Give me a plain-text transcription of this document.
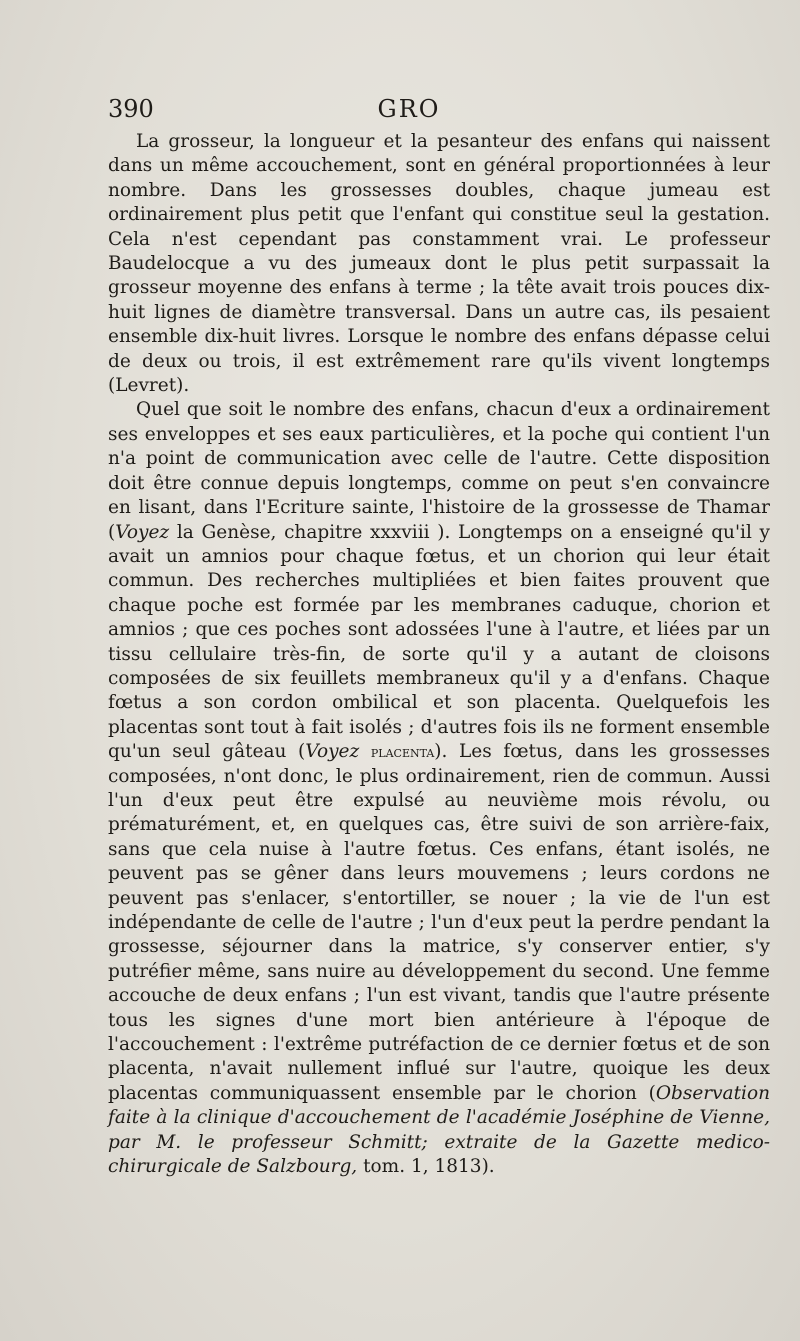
390	GRO

La grosseur, la longueur et la pesanteur des enfans qui naissent dans un même accouchement, sont en général proportionnées à leur nombre. Dans les grossesses doubles, chaque jumeau est ordinairement plus petit que l'enfant qui constitue seul la gestation. Cela n'est cependant pas constamment vrai. Le professeur Baudelocque a vu des jumeaux dont le plus petit surpassait la grosseur moyenne des enfans à terme ; la tête avait trois pouces dix-huit lignes de diamètre transversal. Dans un autre cas, ils pesaient ensemble dix-huit livres. Lorsque le nombre des enfans dépasse celui de deux ou trois, il est extrêmement rare qu'ils vivent longtemps (Levret).

Quel que soit le nombre des enfans, chacun d'eux a ordinairement ses enveloppes et ses eaux particulières, et la poche qui contient l'un n'a point de communication avec celle de l'autre. Cette disposition doit être connue depuis longtemps, comme on peut s'en convaincre en lisant, dans l'Ecriture sainte, l'histoire de la grossesse de Thamar (Voyez la Genèse, chapitre xxxviii ). Longtemps on a enseigné qu'il y avait un amnios pour chaque fœtus, et un chorion qui leur était commun. Des recherches multipliées et bien faites prouvent que chaque poche est formée par les membranes caduque, chorion et amnios ; que ces poches sont adossées l'une à l'autre, et liées par un tissu cellulaire très-fin, de sorte qu'il y a autant de cloisons composées de six feuillets membraneux qu'il y a d'enfans. Chaque fœtus a son cordon ombilical et son placenta. Quelquefois les placentas sont tout à fait isolés ; d'autres fois ils ne forment ensemble qu'un seul gâteau (Voyez placenta). Les fœtus, dans les grossesses composées, n'ont donc, le plus ordinairement, rien de commun. Aussi l'un d'eux peut être expulsé au neuvième mois révolu, ou prématurément, et, en quelques cas, être suivi de son arrière-faix, sans que cela nuise à l'autre fœtus. Ces enfans, étant isolés, ne peuvent pas se gêner dans leurs mouvemens ; leurs cordons ne peuvent pas s'enlacer, s'entortiller, se nouer ; la vie de l'un est indépendante de celle de l'autre ; l'un d'eux peut la perdre pendant la grossesse, séjourner dans la matrice, s'y conserver entier, s'y putréfier même, sans nuire au développement du second. Une femme accouche de deux enfans ; l'un est vivant, tandis que l'autre présente tous les signes d'une mort bien antérieure à l'époque de l'accouchement : l'extrême putréfaction de ce dernier fœtus et de son placenta, n'avait nullement influé sur l'autre, quoique les deux placentas communiquassent ensemble par le chorion (Observation faite à la clinique d'accouchement de l'académie Joséphine de Vienne, par M. le professeur Schmitt; extraite de la Gazette medico-chirurgicale de Salzbourg, tom. 1, 1813).
